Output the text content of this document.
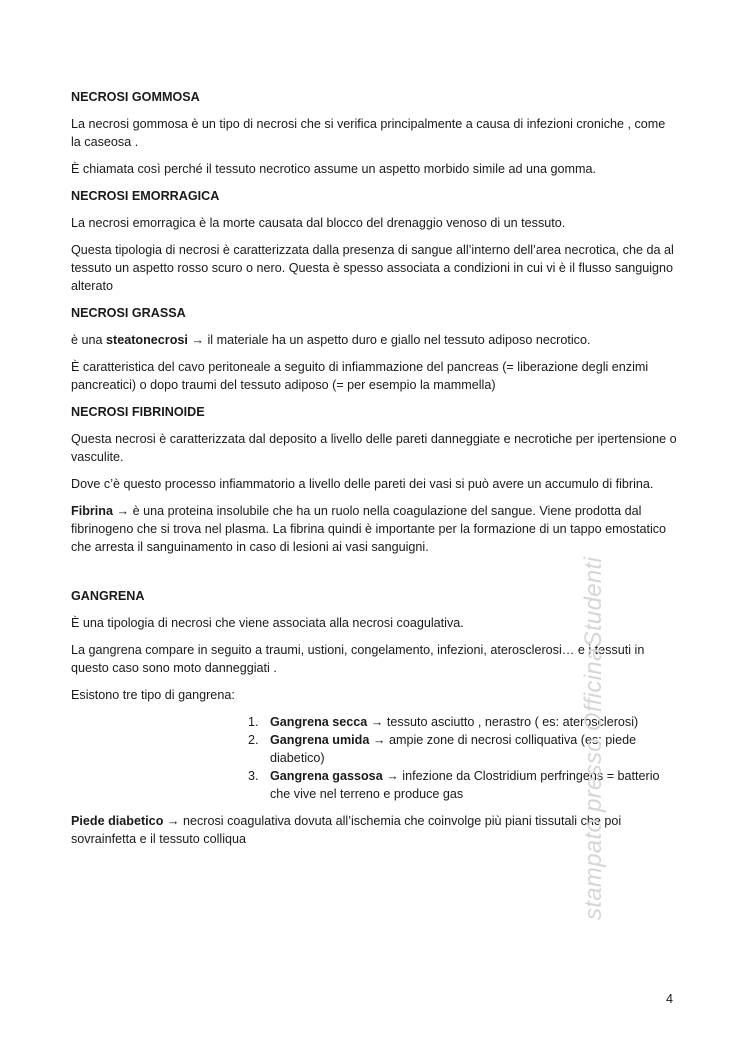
NECROSI GOMMOSA
La necrosi gommosa è un tipo di necrosi che si verifica principalmente a causa di infezioni croniche , come la caseosa .
È chiamata così perché il tessuto necrotico assume un aspetto morbido simile ad una gomma.
NECROSI EMORRAGICA
La necrosi emorragica è la morte causata dal blocco del drenaggio venoso di un tessuto.
Questa tipologia di necrosi è caratterizzata dalla presenza di sangue all’interno dell’area necrotica, che da al tessuto un aspetto rosso scuro o nero. Questa è spesso associata a condizioni in cui vi è il flusso sanguigno alterato
NECROSI GRASSA
è una steatonecrosi → il materiale ha un aspetto duro e giallo nel tessuto adiposo necrotico.
È caratteristica del cavo peritoneale a seguito di infiammazione del pancreas (= liberazione degli enzimi pancreatici) o dopo traumi del tessuto adiposo (= per esempio la mammella)
NECROSI FIBRINOIDE
Questa necrosi è caratterizzata dal deposito a livello delle pareti danneggiate e necrotiche per ipertensione o vasculite.
Dove c’è questo processo infiammatorio a livello delle pareti dei vasi si può avere un accumulo di fibrina.
Fibrina → è una proteina insolubile che ha un ruolo nella coagulazione del sangue. Viene prodotta dal fibrinogeno che si trova nel plasma. La fibrina quindi è importante per la formazione di un tappo emostatico che arresta il sanguinamento in caso di lesioni ai vasi sanguigni.
GANGRENA
È una tipologia di necrosi che viene associata alla necrosi coagulativa.
La gangrena compare in seguito a traumi, ustioni, congelamento, infezioni, aterosclerosi… e i tessuti in questo caso sono moto danneggiati .
Esistono tre tipo di gangrena:
1. Gangrena secca → tessuto asciutto , nerastro ( es: aterosclerosi)
2. Gangrena umida → ampie zone di necrosi colliquativa (es: piede diabetico)
3. Gangrena gassosa → infezione da Clostridium perfringens = batterio che vive nel terreno e produce gas
Piede diabetico → necrosi coagulativa dovuta all’ischemia che coinvolge più piani tissutali che poi sovrainfetta e il tessuto colliqua	stampato presso OfficinaStudenti
4
